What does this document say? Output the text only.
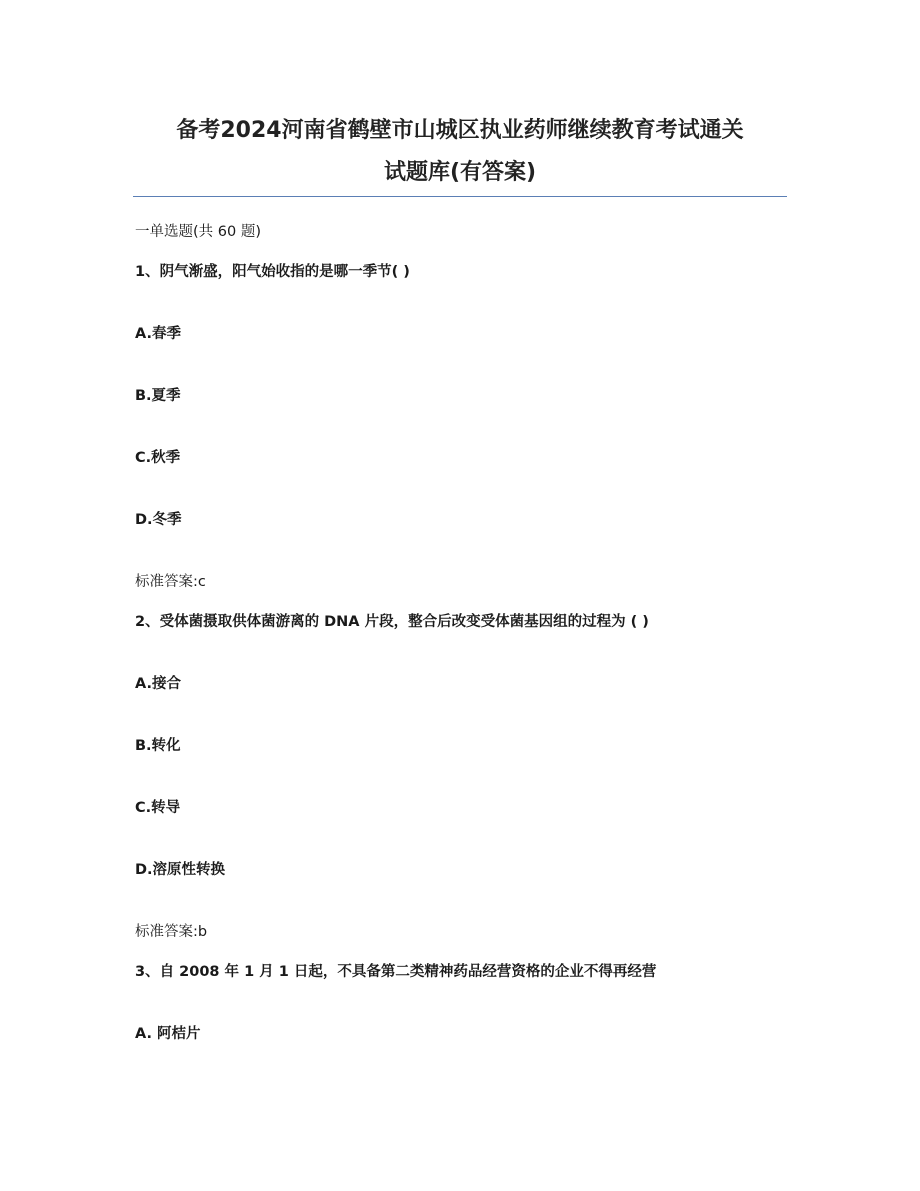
备考2024河南省鹤壁市山城区执业药师继续教育考试通关
试题库(有答案)
一单选题(共 60 题)
1、阴气渐盛，阳气始收指的是哪一季节( )
A.春季
B.夏季
C.秋季
D.冬季
标准答案:c
2、受体菌摄取供体菌游离的 DNA 片段，整合后改变受体菌基因组的过程为 ( )
A.接合
B.转化
C.转导
D.溶原性转换
标准答案:b
3、自 2008 年 1 月 1 日起，不具备第二类精神药品经营资格的企业不得再经营
A. 阿桔片
